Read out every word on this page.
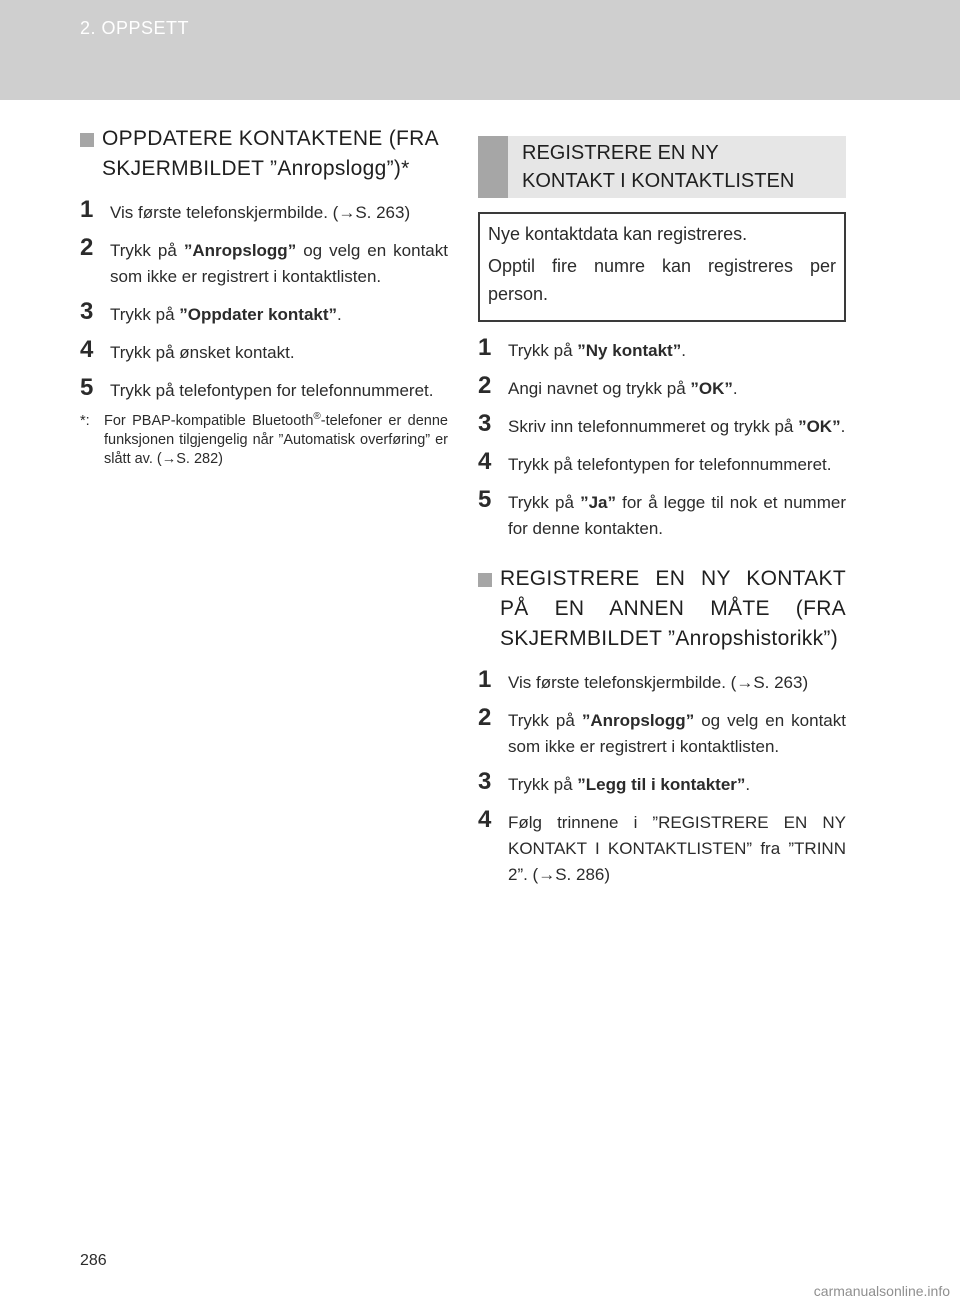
2. OPPSETT
OPPDATERE KONTAKTENE (FRA
SKJERMBILDET ”Anropslogg”)*
1 Vis første telefonskjermbilde. (→S. 263)
2 Trykk på ”Anropslogg” og velg en kontakt som ikke er registrert i kontaktlisten.
3 Trykk på ”Oppdater kontakt”.
4 Trykk på ønsket kontakt.
5 Trykk på telefontypen for telefonnummeret.
*: For PBAP-kompatible Bluetooth®-telefoner er denne funksjonen tilgjengelig når ”Automatisk overføring” er slått av. (→S. 282)
REGISTRERE EN NY
KONTAKT I KONTAKTLISTEN

Nye kontaktdata kan registreres.

Opptil fire numre kan registreres per person.

1 Trykk på ”Ny kontakt”.
2 Angi navnet og trykk på ”OK”.
3 Skriv inn telefonnummeret og trykk på ”OK”.
4 Trykk på telefontypen for telefonnummeret.
5 Trykk på ”Ja” for å legge til nok et nummer for denne kontakten.
REGISTRERE EN NY KONTAKT
PÅ EN ANNEN MÅTE (FRA
SKJERMBILDET ”Anropshistorikk”)
1 Vis første telefonskjermbilde. (→S. 263)
2 Trykk på ”Anropslogg” og velg en kontakt som ikke er registrert i kontaktlisten.
3 Trykk på ”Legg til i kontakter”.
4 Følg trinnene i ”REGISTRERE EN NY KONTAKT I KONTAKTLISTEN” fra ”TRINN 2”. (→S. 286)
286
carmanualsonline.info
